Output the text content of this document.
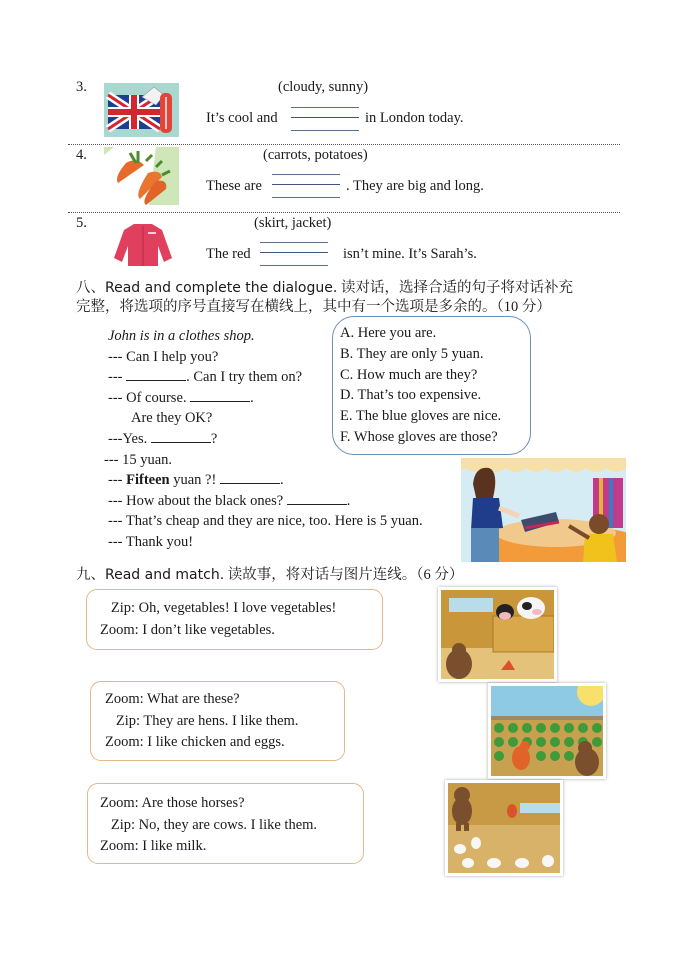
3.	(cloudy, sunny)
It’s cool and	in London today.
4.	(carrots, potatoes)
These are	. They are big and long.
5.	(skirt, jacket)
The red	isn’t mine. It’s Sarah’s.
八、Read and complete the dialogue. 读对话，选择合适的句子将对话补充
完整，将选项的序号直接写在横线上，其中有一个选项是多余的。（10 分）
John is in a clothes shop.
--- Can I help you?
---	. Can I try them on?
--- Of course.	.
Are they OK?
---Yes.	?
--- 15 yuan.
--- Fifteen yuan ?!	.
--- How about the black ones?	.
--- That’s cheap and they are nice, too. Here is 5 yuan.
--- Thank you!
A. Here you are.
B. They are only 5 yuan.
C. How much are they?
D. That’s too expensive.
E. The blue gloves are nice.
F. Whose gloves are those?
九、Read and match. 读故事，将对话与图片连线。（6 分）
Zip: Oh, vegetables! I love vegetables!
Zoom: I don’t like vegetables.
Zoom: What are these?
Zip: They are hens. I like them.
Zoom: I like chicken and eggs.
Zoom: Are those horses?
Zip: No, they are cows. I like them.
Zoom: I like milk.
